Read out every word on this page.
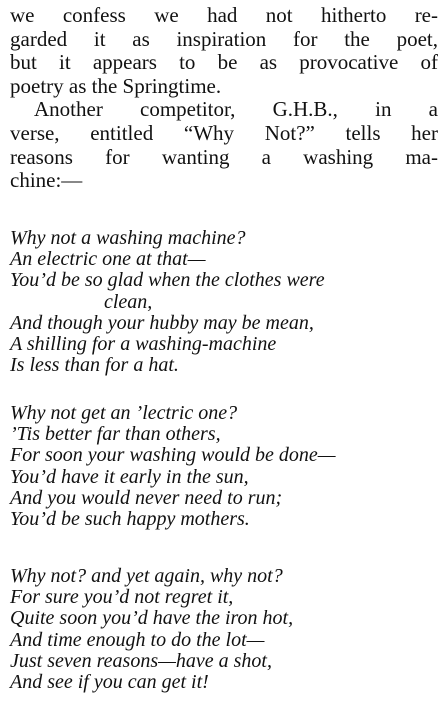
we confess we had not hitherto re-
garded it as inspiration for the poet,
but it appears to be as provocative of
poetry as the Springtime.
Another competitor, G.H.B., in a
verse, entitled “Why Not?” tells her
reasons for wanting a washing ma-
chine:—
Why not a washing machine?
An electric one at that—
You’d be so glad when the clothes were
clean,
And though your hubby may be mean,
A shilling for a washing-machine
Is less than for a hat.
Why not get an ’lectric one?
’Tis better far than others,
For soon your washing would be done—
You’d have it early in the sun,
And you would never need to run;
You’d be such happy mothers.
Why not? and yet again, why not?
For sure you’d not regret it,
Quite soon you’d have the iron hot,
And time enough to do the lot—
Just seven reasons—have a shot,
And see if you can get it!
